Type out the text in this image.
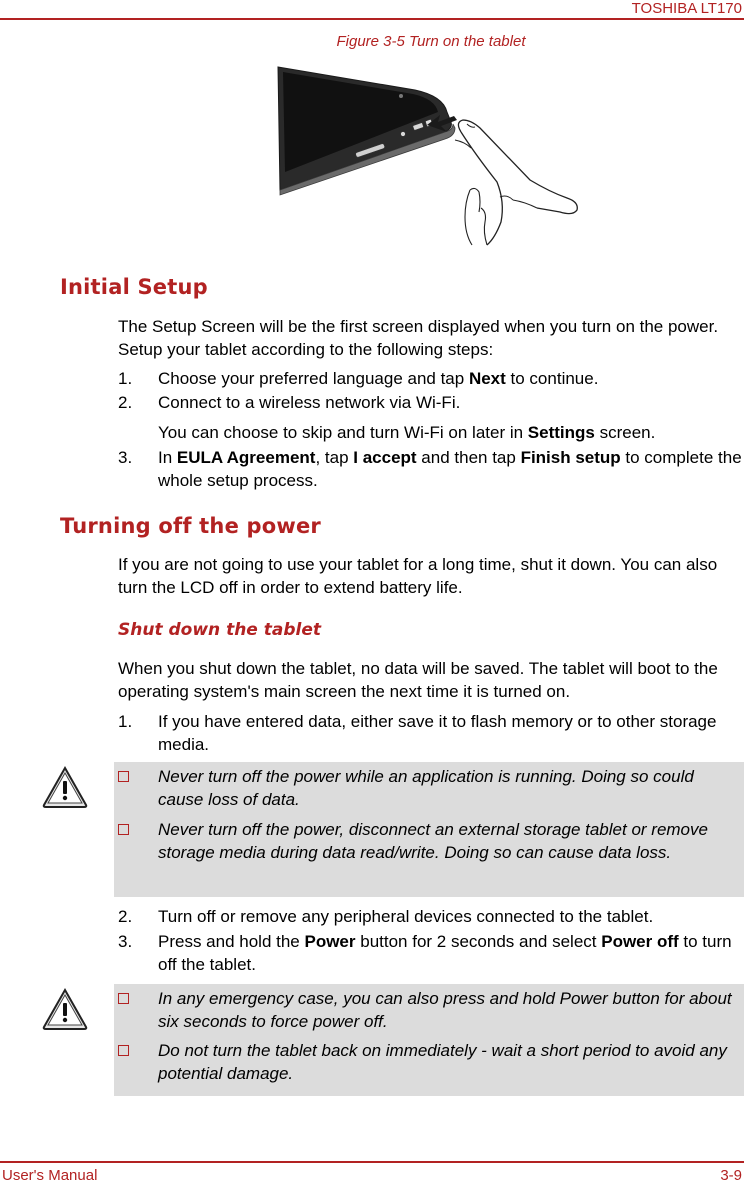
TOSHIBA LT170
Figure 3-5 Turn on the tablet
Initial Setup
The Setup Screen will be the first screen displayed when you turn on the power. Setup your tablet according to the following steps:
1. Choose your preferred language and tap Next to continue.
2. Connect to a wireless network via Wi-Fi.
You can choose to skip and turn Wi-Fi on later in Settings screen.
3. In EULA Agreement, tap I accept and then tap Finish setup to complete the whole setup process.
Turning off the power
If you are not going to use your tablet for a long time, shut it down. You can also turn the LCD off in order to extend battery life.
Shut down the tablet
When you shut down the tablet, no data will be saved. The tablet will boot to the operating system's main screen the next time it is turned on.
1. If you have entered data, either save it to flash memory or to other storage media.
Never turn off the power while an application is running. Doing so could cause loss of data.
Never turn off the power, disconnect an external storage tablet or remove storage media during data read/write. Doing so can cause data loss.
2. Turn off or remove any peripheral devices connected to the tablet.
3. Press and hold the Power button for 2 seconds and select Power off to turn off the tablet.
In any emergency case, you can also press and hold Power button for about six seconds to force power off.
Do not turn the tablet back on immediately - wait a short period to avoid any potential damage.
User's Manual	3-9
